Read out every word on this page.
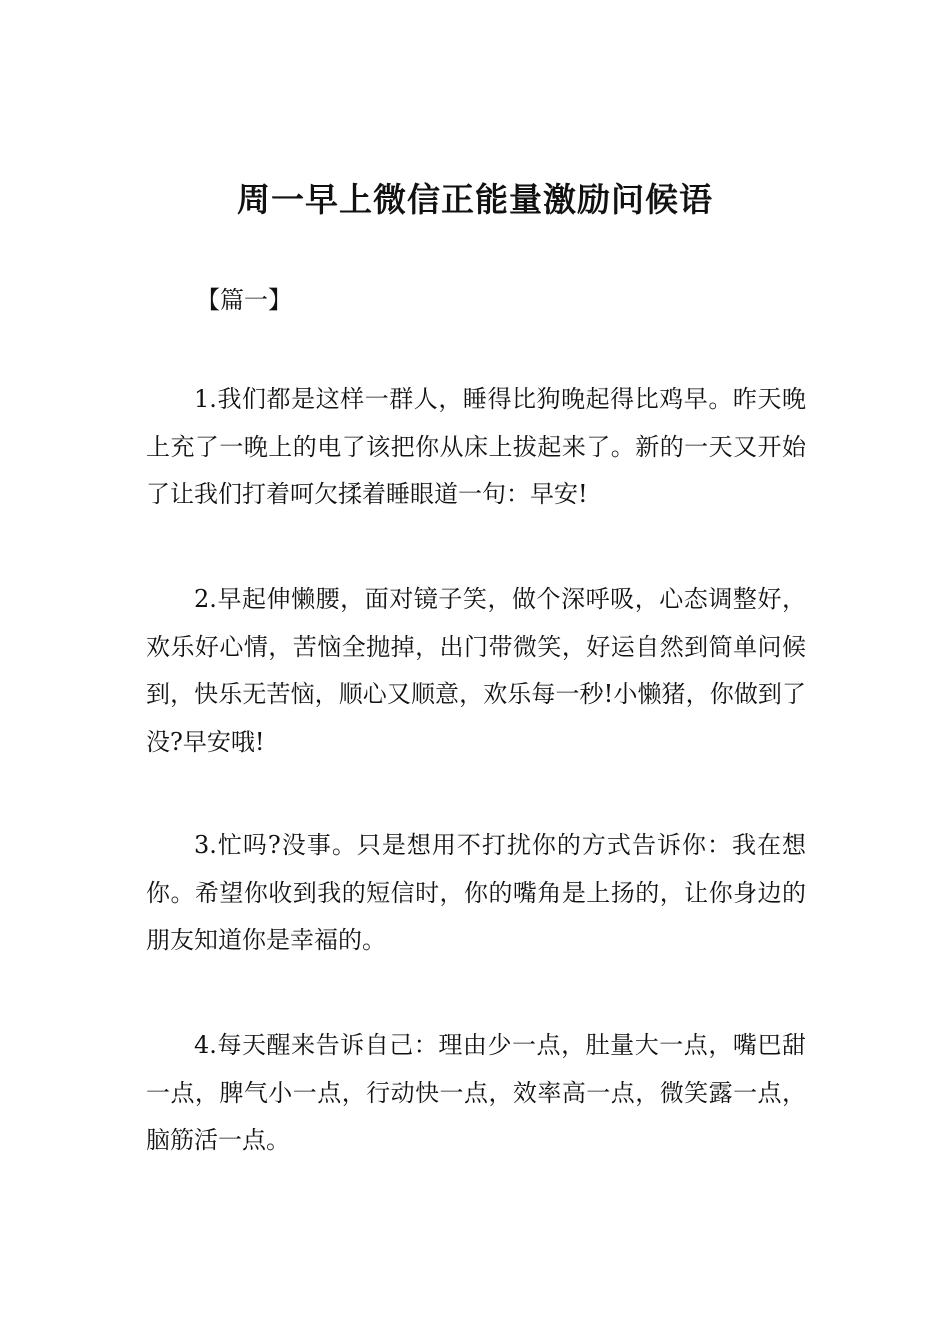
周一早上微信正能量激励问候语

【篇一】

1.我们都是这样一群人，睡得比狗晚起得比鸡早。昨天晚上充了一晚上的电了该把你从床上拔起来了。新的一天又开始了让我们打着呵欠揉着睡眼道一句：早安!

2.早起伸懒腰，面对镜子笑，做个深呼吸，心态调整好，欢乐好心情，苦恼全抛掉，出门带微笑，好运自然到简单问候到，快乐无苦恼，顺心又顺意，欢乐每一秒!小懒猪，你做到了没?早安哦!

3.忙吗?没事。只是想用不打扰你的方式告诉你：我在想你。希望你收到我的短信时，你的嘴角是上扬的，让你身边的朋友知道你是幸福的。

4.每天醒来告诉自己：理由少一点，肚量大一点，嘴巴甜一点，脾气小一点，行动快一点，效率高一点，微笑露一点，脑筋活一点。
